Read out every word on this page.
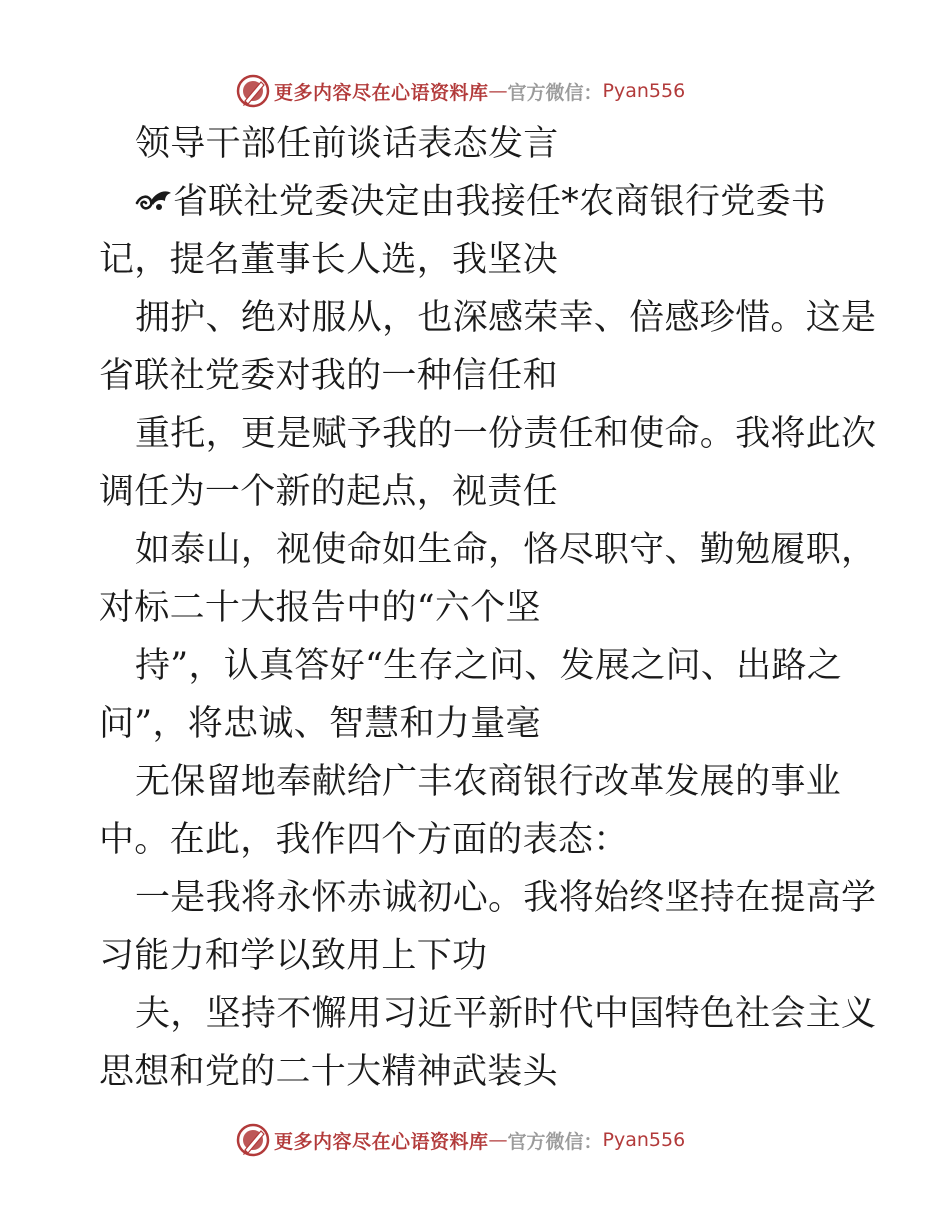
更多内容尽在心语资料库 — 官方微信： Pyan556
领导干部任前谈话表态发言
省联社党委决定由我接任*农商银行党委书
记，提名董事长人选，我坚决
拥护、绝对服从，也深感荣幸、倍感珍惜。这是
省联社党委对我的一种信任和
重托，更是赋予我的一份责任和使命。我将此次
调任为一个新的起点，视责任
如泰山，视使命如生命，恪尽职守、勤勉履职，
对标二十大报告中的“六个坚
持”，认真答好“生存之问、发展之问、出路之
问”，将忠诚、智慧和力量毫
无保留地奉献给广丰农商银行改革发展的事业
中。在此，我作四个方面的表态：
一是我将永怀赤诚初心。我将始终坚持在提高学
习能力和学以致用上下功
夫，坚持不懈用习近平新时代中国特色社会主义
思想和党的二十大精神武装头
更多内容尽在心语资料库 — 官方微信： Pyan556
